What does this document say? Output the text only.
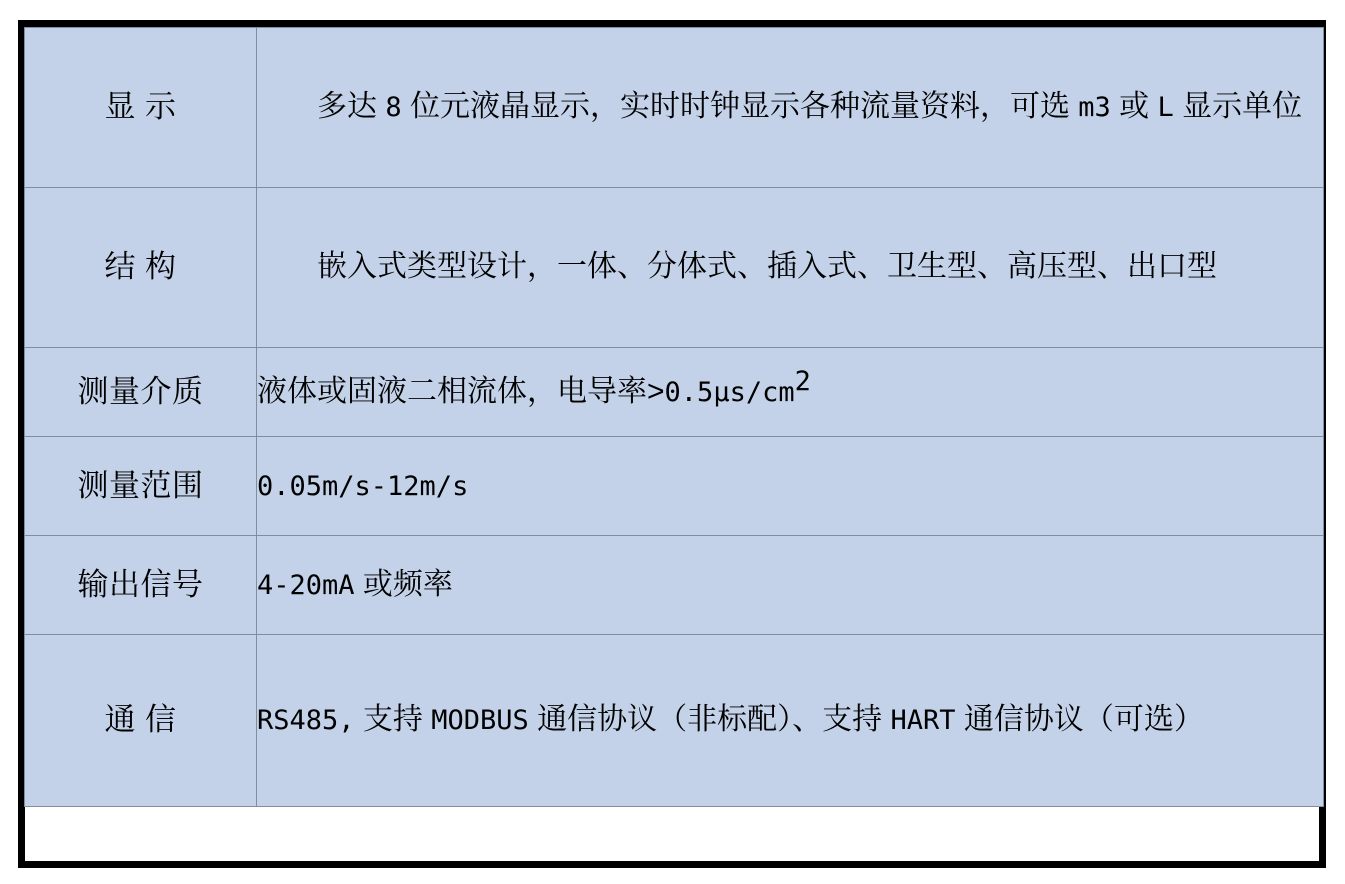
显 示	多达 8 位元液晶显示，实时时钟显示各种流量资料，可选 m3 或 L 显示单位
结 构	嵌入式类型设计，一体、分体式、插入式、卫生型、高压型、出口型
测量介质	液体或固液二相流体，电导率$>0.5\mu s/cm^2$
测量范围	0.05m/s-12m/s
输出信号	4-20mA 或频率
通 信	RS485, 支持 MODBUS 通信协议（非标配）、支持 HART 通信协议（可选）
